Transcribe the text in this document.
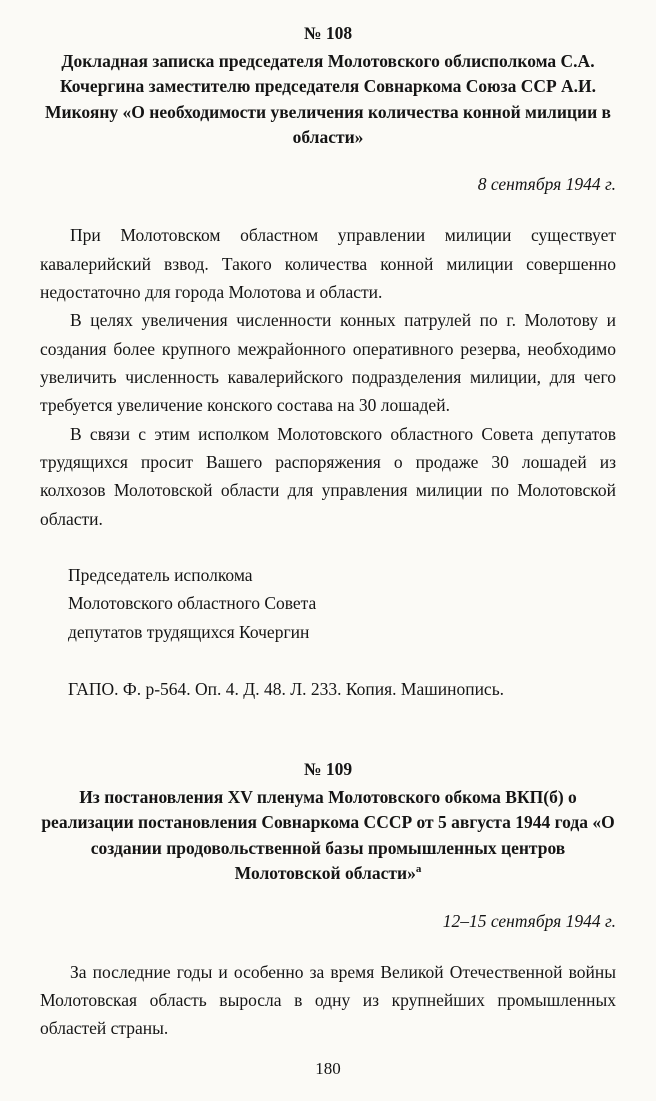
№ 108
Докладная записка председателя Молотовского облисполкома С.А. Кочергина заместителю председателя Совнаркома Союза ССР А.И. Микояну «О необходимости увеличения количества конной милиции в области»
8 сентября 1944 г.

При Молотовском областном управлении милиции существует кавалерийский взвод. Такого количества конной милиции совершенно недостаточно для города Молотова и области.

В целях увеличения численности конных патрулей по г. Молотову и создания более крупного межрайонного оперативного резерва, необходимо увеличить численность кавалерийского подразделения милиции, для чего требуется увеличение конского состава на 30 лошадей.

В связи с этим исполком Молотовского областного Совета депутатов трудящихся просит Вашего распоряжения о продаже 30 лошадей из колхозов Молотовской области для управления милиции по Молотовской области.

Председатель исполкома
Молотовского областного Совета
депутатов трудящихся Кочергин
ГАПО. Ф. р-564. Оп. 4. Д. 48. Л. 233. Копия. Машинопись.
№ 109
Из постановления XV пленума Молотовского обкома ВКП(б) о реализации постановления Совнаркома СССР от 5 августа 1944 года «О создании продовольственной базы промышленных центров Молотовской области»$^а$
12–15 сентября 1944 г.

За последние годы и особенно за время Великой Отечественной войны Молотовская область выросла в одну из крупнейших промышленных областей страны.

180
